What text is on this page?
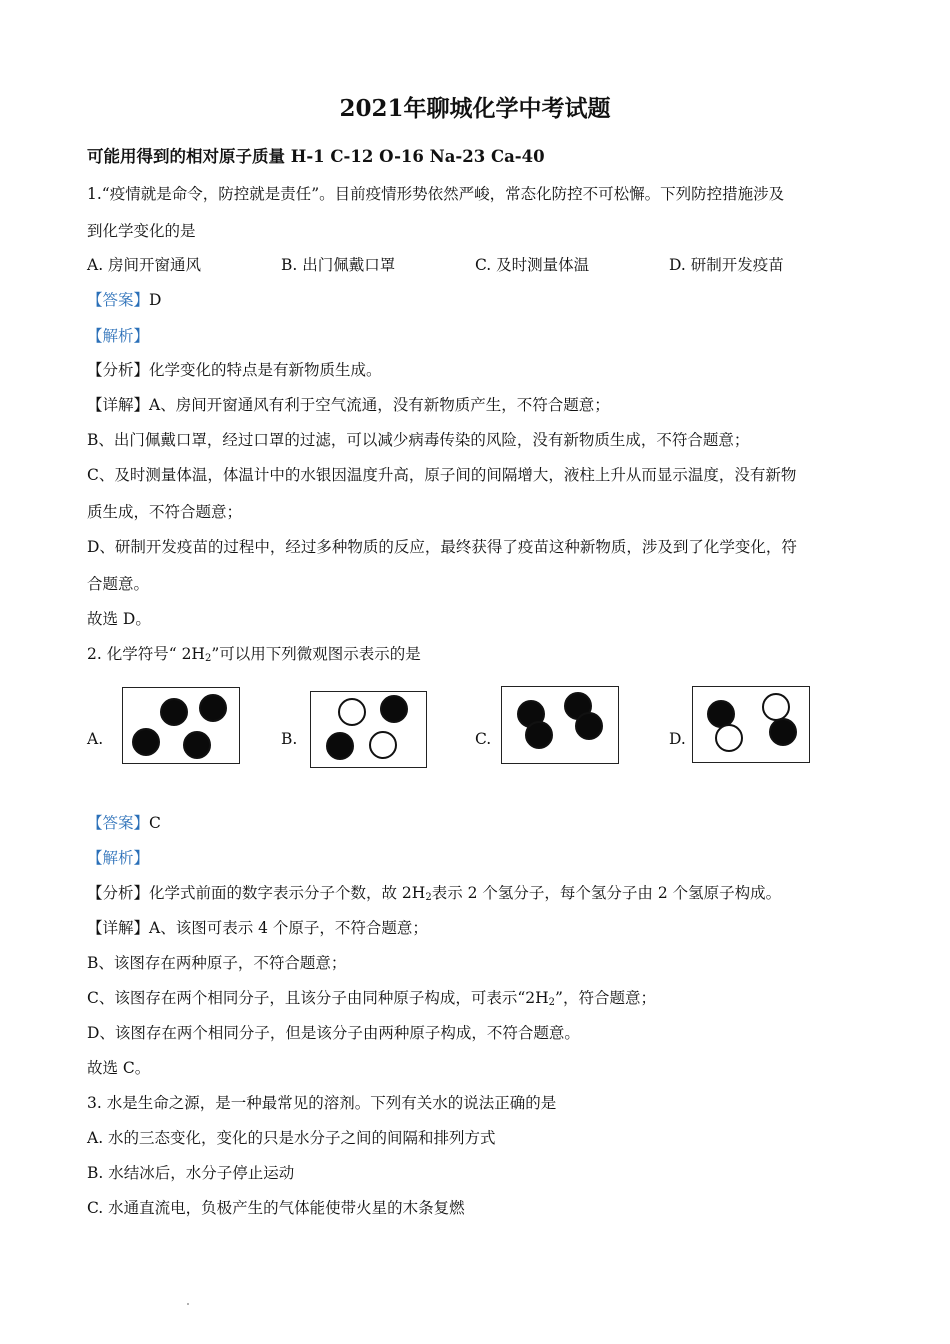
2021年聊城化学中考试题
可能用得到的相对原子质量 H-1 C-12 O-16 Na-23 Ca-40
1.“疫情就是命令，防控就是责任”。目前疫情形势依然严峻，常态化防控不可松懈。下列防控措施涉及
到化学变化的是
A. 房间开窗通风	B. 出门佩戴口罩	C. 及时测量体温	D. 研制开发疫苗
【答案】D
【解析】
【分析】化学变化的特点是有新物质生成。
【详解】A、房间开窗通风有利于空气流通，没有新物质产生，不符合题意；
B、出门佩戴口罩，经过口罩的过滤，可以减少病毒传染的风险，没有新物质生成，不符合题意；
C、及时测量体温，体温计中的水银因温度升高，原子间的间隔增大，液柱上升从而显示温度，没有新物
质生成，不符合题意；
D、研制开发疫苗的过程中，经过多种物质的反应，最终获得了疫苗这种新物质，涉及到了化学变化，符
合题意。
故选 D。
2. 化学符号“ $2H_2$”可以用下列微观图示表示的是
A.	B.	C.	D.
【答案】C
【解析】
【分析】化学式前面的数字表示分子个数，故 $2H_2$表示 2 个氢分子，每个氢分子由 2 个氢原子构成。
【详解】A、该图可表示 4 个原子，不符合题意；
B、该图存在两种原子，不符合题意；
C、该图存在两个相同分子，且该分子由同种原子构成，可表示“$2H_2$”，符合题意；
D、该图存在两个相同分子，但是该分子由两种原子构成，不符合题意。
故选 C。
3. 水是生命之源，是一种最常见的溶剂。下列有关水的说法正确的是
A. 水的三态变化，变化的只是水分子之间的间隔和排列方式
B. 水结冰后，水分子停止运动
C. 水通直流电，负极产生的气体能使带火星的木条复燃
